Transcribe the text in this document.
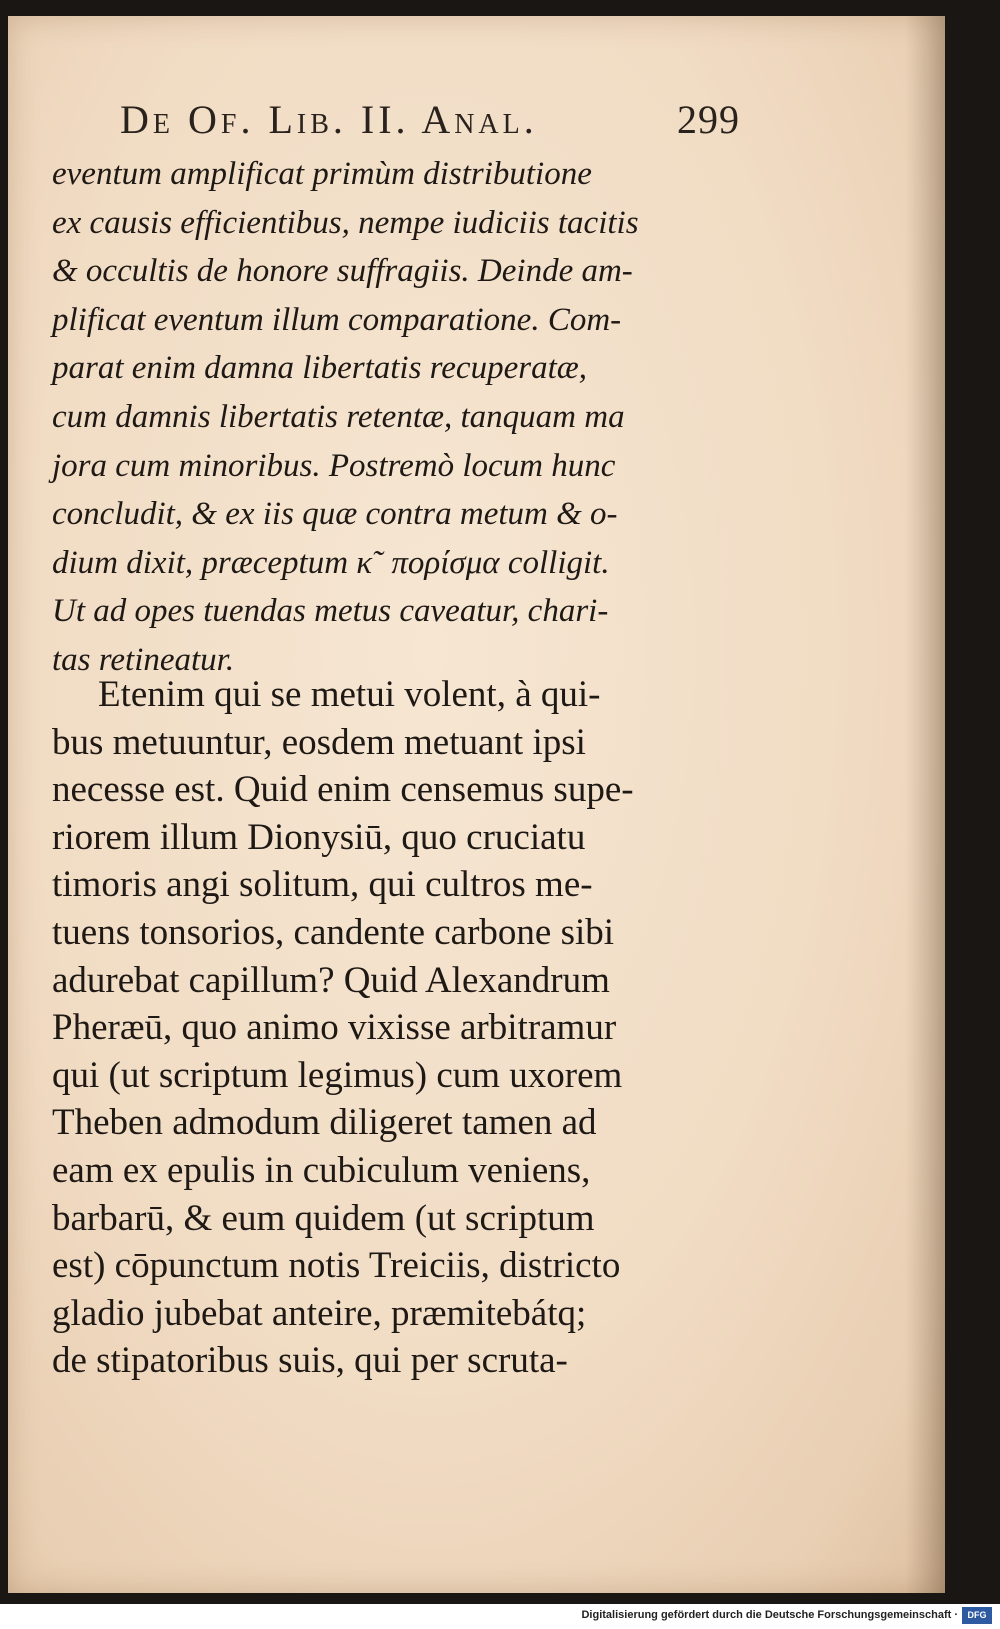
De Of. Lib. II. Anal.	299
eventum amplificat primùm distributione
ex causis efficientibus, nempe iudiciis tacitis
& occultis de honore suffragiis. Deinde am-
plificat eventum illum comparatione. Com-
parat enim damna libertatis recuperatæ,
cum damnis libertatis retentæ, tanquam ma
jora cum minoribus. Postremò locum hunc
concludit, & ex iis quæ contra metum & o-
dium dixit, præceptum κ῀ πορίσμα colligit.
Ut ad opes tuendas metus caveatur, chari-
tas retineatur.
Etenim qui se metui volent, à qui-
bus metuuntur, eosdem metuant ipsi
necesse est. Quid enim censemus supe-
riorem illum Dionysiū, quo cruciatu
timoris angi solitum, qui cultros me-
tuens tonsorios, candente carbone sibi
adurebat capillum? Quid Alexandrum
Pheræū, quo animo vixisse arbitramur
qui (ut scriptum legimus) cum uxorem
Theben admodum diligeret tamen ad
eam ex epulis in cubiculum veniens,
barbarū, & eum quidem (ut scriptum
est) cōpunctum notis Treiciis, districto
gladio jubebat anteire, præmitebátq;
de stipatoribus suis, qui per scruta-
Digitalisierung gefördert durch die Deutsche Forschungsgemeinschaft ·	DFG
